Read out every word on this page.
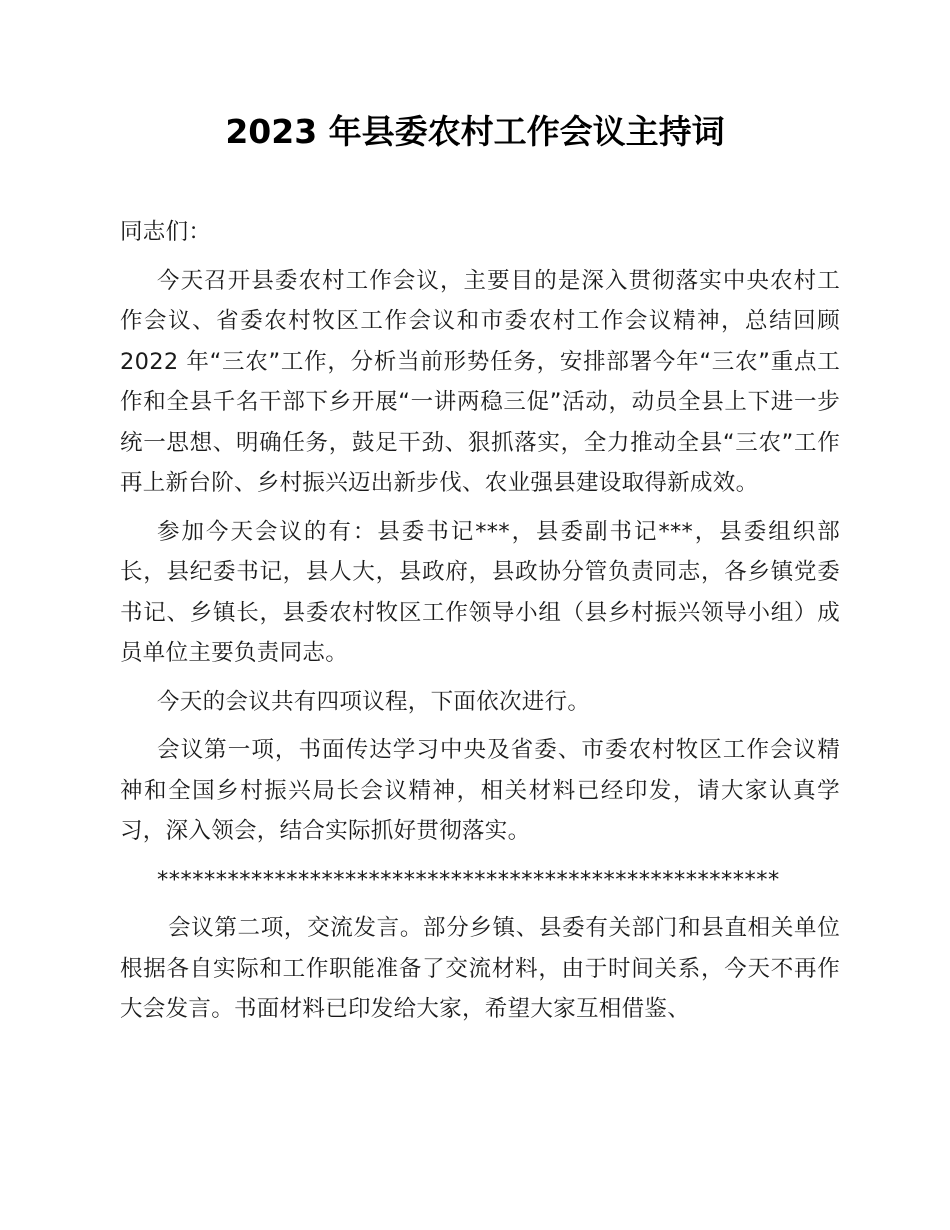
2023 年县委农村工作会议主持词

同志们：

今天召开县委农村工作会议，主要目的是深入贯彻落实中央农村工作会议、省委农村牧区工作会议和市委农村工作会议精神，总结回顾 2022 年“三农”工作，分析当前形势任务，安排部署今年“三农”重点工作和全县千名干部下乡开展“一讲两稳三促”活动，动员全县上下进一步统一思想、明确任务，鼓足干劲、狠抓落实，全力推动全县“三农”工作再上新台阶、乡村振兴迈出新步伐、农业强县建设取得新成效。

参加今天会议的有：县委书记***，县委副书记***，县委组织部长，县纪委书记，县人大，县政府，县政协分管负责同志，各乡镇党委书记、乡镇长，县委农村牧区工作领导小组（县乡村振兴领导小组）成员单位主要负责同志。

今天的会议共有四项议程，下面依次进行。

会议第一项，书面传达学习中央及省委、市委农村牧区工作会议精神和全国乡村振兴局长会议精神，相关材料已经印发，请大家认真学习，深入领会，结合实际抓好贯彻落实。

*****************************************************

会议第二项，交流发言。部分乡镇、县委有关部门和县直相关单位根据各自实际和工作职能准备了交流材料，由于时间关系，今天不再作大会发言。书面材料已印发给大家，希望大家互相借鉴、
